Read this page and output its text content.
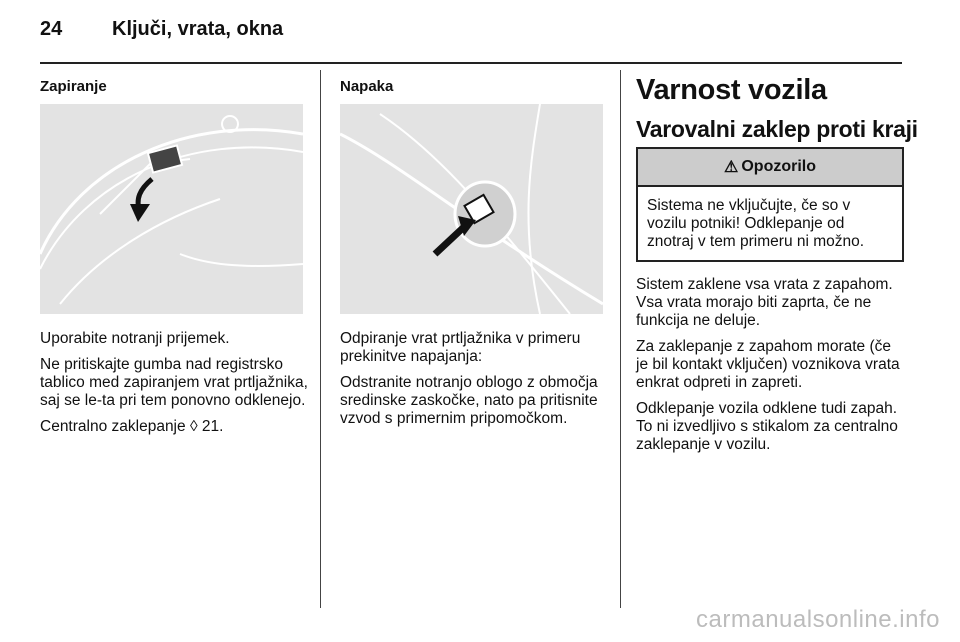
24 Ključi, vrata, okna
Zapiranje

Uporabite notranji prijemek.

Ne pritiskajte gumba nad registrsko tablico med zapiranjem vrat prtljažnika, saj se le-ta pri tem ponovno odklenejo.

Centralno zaklepanje ◊ 21.

Napaka

Odpiranje vrat prtljažnika v primeru prekinitve napajanja:

Odstranite notranjo oblogo z območja sredinske zaskočke, nato pa pritisnite vzvod s primernim pripomočkom.

Varnost vozila
Varovalni zaklep proti kraji
⚠ Opozorilo
Sistema ne vključujte, če so v vozilu potniki! Odklepanje od znotraj v tem primeru ni možno.

Sistem zaklene vsa vrata z zapahom. Vsa vrata morajo biti zaprta, če ne funkcija ne deluje.

Za zaklepanje z zapahom morate (če je bil kontakt vključen) voznikova vrata enkrat odpreti in zapreti.

Odklepanje vozila odklene tudi zapah. To ni izvedljivo s stikalom za centralno zaklepanje v vozilu.

carmanualsonline.info
